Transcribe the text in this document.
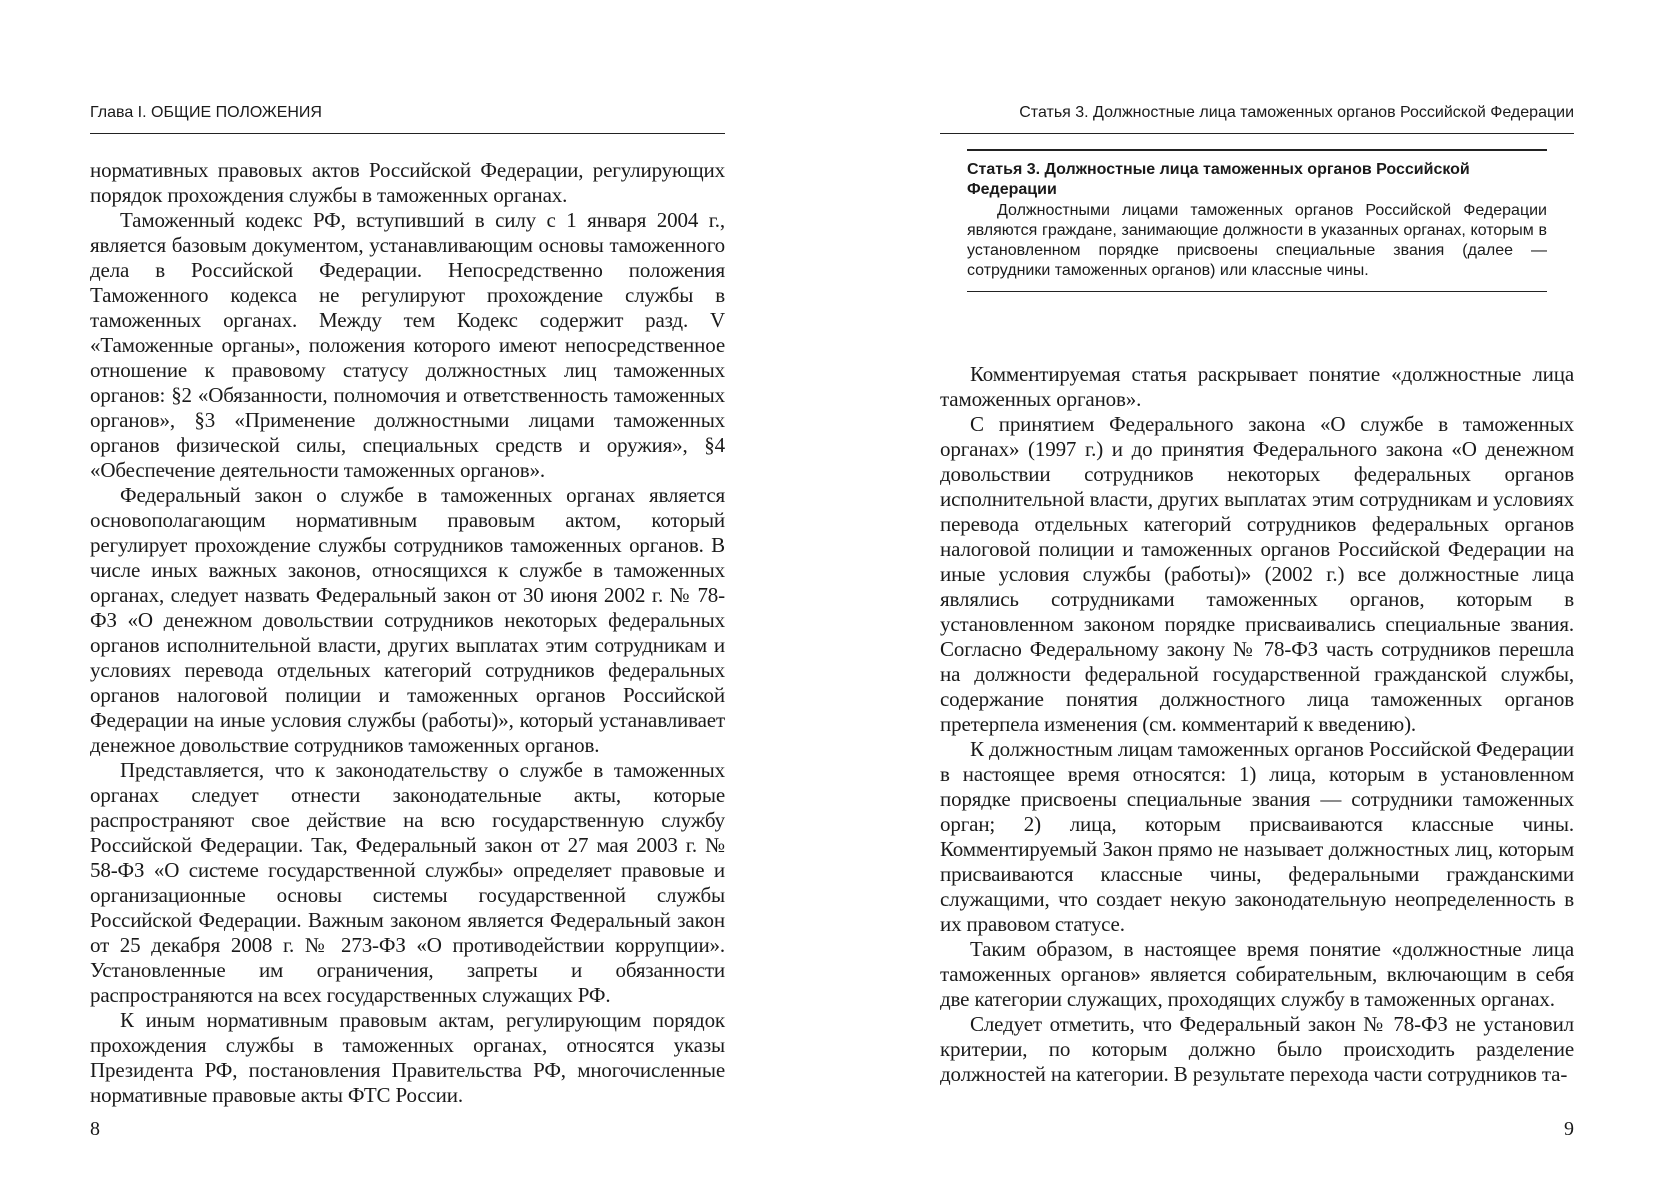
Глава I. ОБЩИЕ ПОЛОЖЕНИЯ

нормативных правовых актов Российской Федерации, регулирующих порядок прохождения службы в таможенных органах.

Таможенный кодекс РФ, вступивший в силу с 1 января 2004 г., является базовым документом, устанавливающим основы таможенного дела в Российской Федерации. Непосредственно положения Таможенного кодекса не регулируют прохождение службы в таможенных органах. Между тем Кодекс содержит разд. V «Таможенные органы», положения которого имеют непосредственное отношение к правовому статусу должностных лиц таможенных органов: §2 «Обязанности, полномочия и ответственность таможенных органов», §3 «Применение должностными лицами таможенных органов физической силы, специальных средств и оружия», §4 «Обеспечение деятельности таможенных органов».

Федеральный закон о службе в таможенных органах является основополагающим нормативным правовым актом, который регулирует прохождение службы сотрудников таможенных органов. В числе иных важных законов, относящихся к службе в таможенных органах, следует назвать Федеральный закон от 30 июня 2002 г. № 78-ФЗ «О денежном довольствии сотрудников некоторых федеральных органов исполнительной власти, других выплатах этим сотрудникам и условиях перевода отдельных категорий сотрудников федеральных органов налоговой полиции и таможенных органов Российской Федерации на иные условия службы (работы)», который устанавливает денежное довольствие сотрудников таможенных органов.

Представляется, что к законодательству о службе в таможенных органах следует отнести законодательные акты, которые распространяют свое действие на всю государственную службу Российской Федерации. Так, Федеральный закон от 27 мая 2003 г. № 58-ФЗ «О системе государственной службы» определяет правовые и организационные основы системы государственной службы Российской Федерации. Важным законом является Федеральный закон от 25 декабря 2008 г. № 273-ФЗ «О противодействии коррупции». Установленные им ограничения, запреты и обязанности распространяются на всех государственных служащих РФ.

К иным нормативным правовым актам, регулирующим порядок прохождения службы в таможенных органах, относятся указы Президента РФ, постановления Правительства РФ, многочисленные нормативные правовые акты ФТС России.

8
Статья 3. Должностные лица таможенных органов Российской Федерации

Статья 3. Должностные лица таможенных органов Российской Федерации

Должностными лицами таможенных органов Российской Федерации являются граждане, занимающие должности в указанных органах, которым в установленном порядке присвоены специальные звания (далее — сотрудники таможенных органов) или классные чины.

Комментируемая статья раскрывает понятие «должностные лица таможенных органов».

С принятием Федерального закона «О службе в таможенных органах» (1997 г.) и до принятия Федерального закона «О денежном довольствии сотрудников некоторых федеральных органов исполнительной власти, других выплатах этим сотрудникам и условиях перевода отдельных категорий сотрудников федеральных органов налоговой полиции и таможенных органов Российской Федерации на иные условия службы (работы)» (2002 г.) все должностные лица являлись сотрудниками таможенных органов, которым в установленном законом порядке присваивались специальные звания. Согласно Федеральному закону № 78-ФЗ часть сотрудников перешла на должности федеральной государственной гражданской службы, содержание понятия должностного лица таможенных органов претерпела изменения (см. комментарий к введению).

К должностным лицам таможенных органов Российской Федерации в настоящее время относятся: 1) лица, которым в установленном порядке присвоены специальные звания — сотрудники таможенных орган; 2) лица, которым присваиваются классные чины. Комментируемый Закон прямо не называет должностных лиц, которым присваиваются классные чины, федеральными гражданскими служащими, что создает некую законодательную неопределенность в их правовом статусе.

Таким образом, в настоящее время понятие «должностные лица таможенных органов» является собирательным, включающим в себя две категории служащих, проходящих службу в таможенных органах.

Следует отметить, что Федеральный закон № 78-ФЗ не установил критерии, по которым должно было происходить разделение должностей на категории. В результате перехода части сотрудников та-

9
